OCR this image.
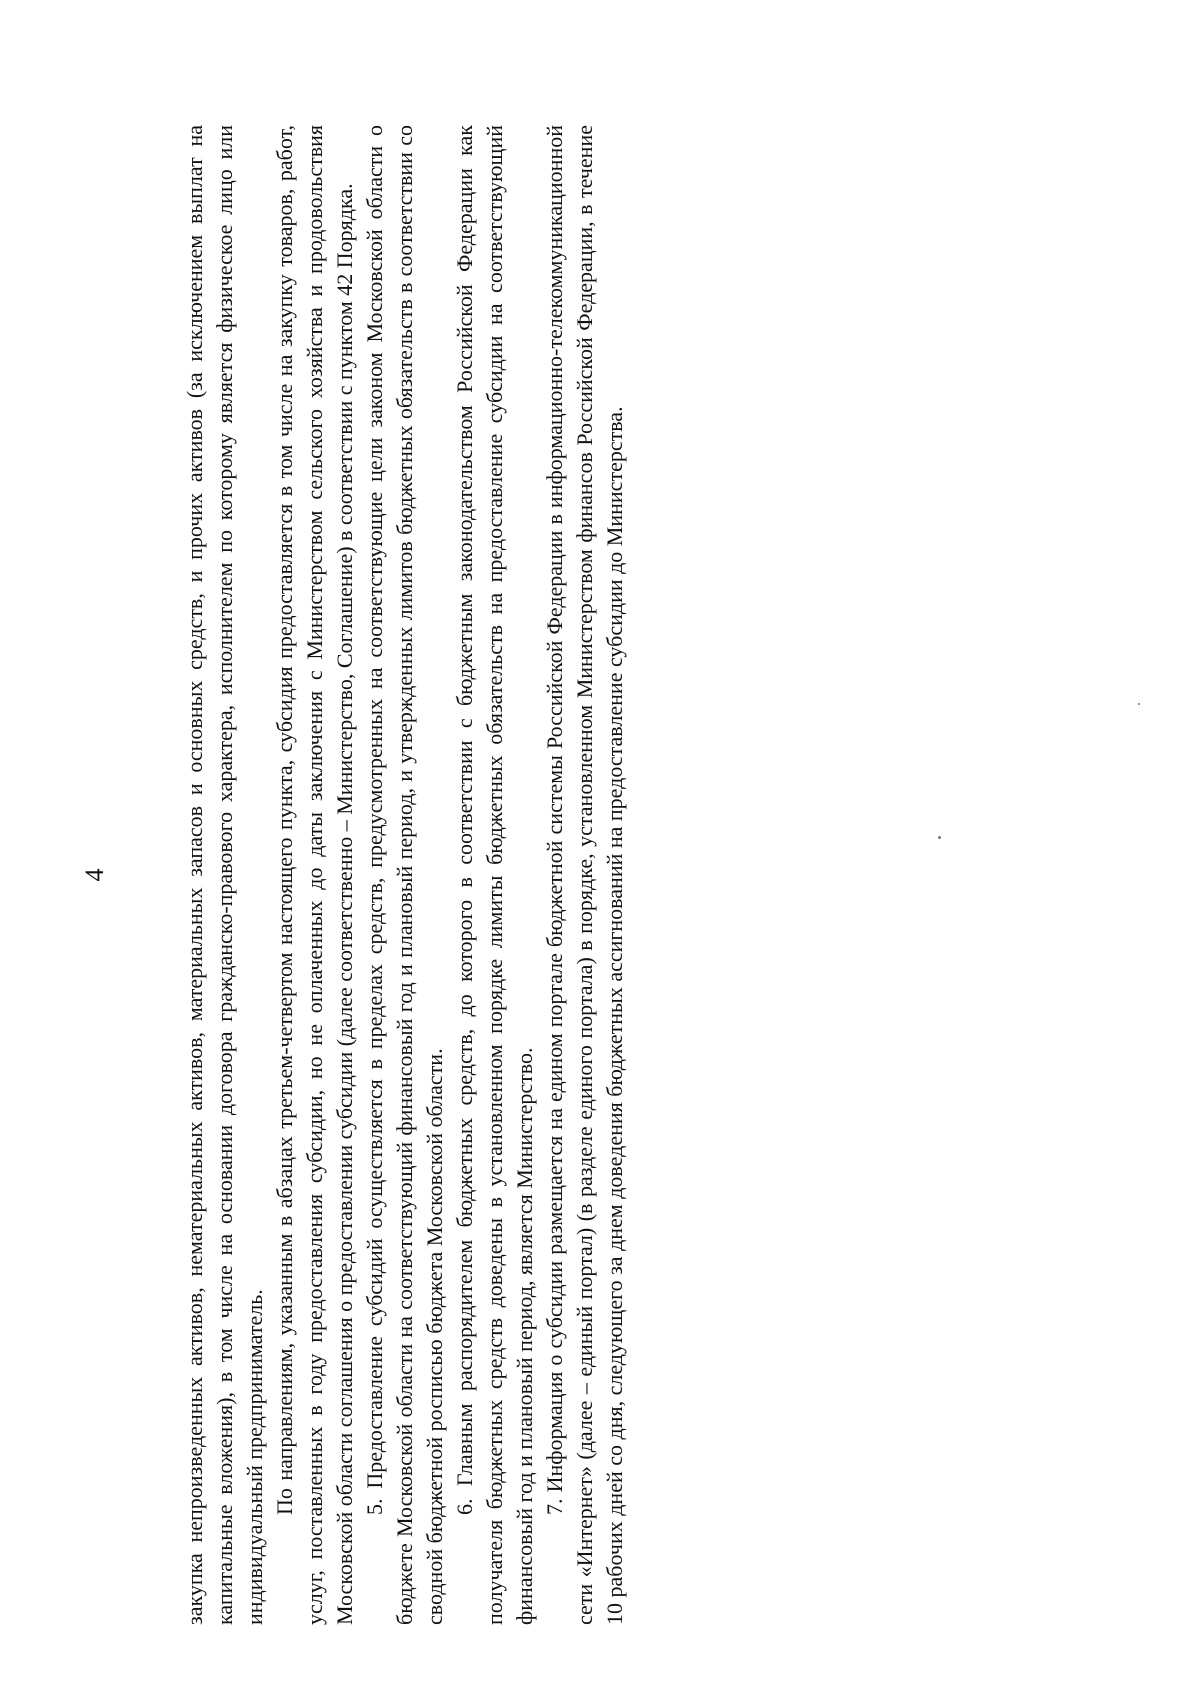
4	закупка непроизведенных активов, нематериальных активов, материальных запасов и основных средств, и прочих активов (за исключением выплат на капитальные вложения), в том числе на основании договора гражданско-правового характера, исполнителем по которому является физическое лицо или индивидуальный предприниматель. По направлениям, указанным в абзацах третьем-четвертом настоящего пункта, субсидия предоставляется в том числе на закупку товаров, работ, услуг, поставленных в году предоставления субсидии, но не оплаченных до даты заключения с Министерством сельского хозяйства и продовольствия Московской области соглашения о предоставлении субсидии (далее соответственно – Министерство, Соглашение) в соответствии с пунктом 42 Порядка. 5. Предоставление субсидий осуществляется в пределах средств, предусмотренных на соответствующие цели законом Московской области о бюджете Московской области на соответствующий финансовый год и плановый период, и утвержденных лимитов бюджетных обязательств в соответствии со сводной бюджетной росписью бюджета Московской области. 6. Главным распорядителем бюджетных средств, до которого в соответствии с бюджетным законодательством Российской Федерации как получателя бюджетных средств доведены в установленном порядке лимиты бюджетных обязательств на предоставление субсидии на соответствующий финансовый год и плановый период, является Министерство. 7. Информация о субсидии размещается на едином портале бюджетной системы Российской Федерации в информационно-телекоммуникационной сети «Интернет» (далее – единый портал) (в разделе единого портала) в порядке, установленном Министерством финансов Российской Федерации, в течение 10 рабочих дней со дня, следующего за днем доведения бюджетных ассигнований на предоставление субсидии до Министерства.
